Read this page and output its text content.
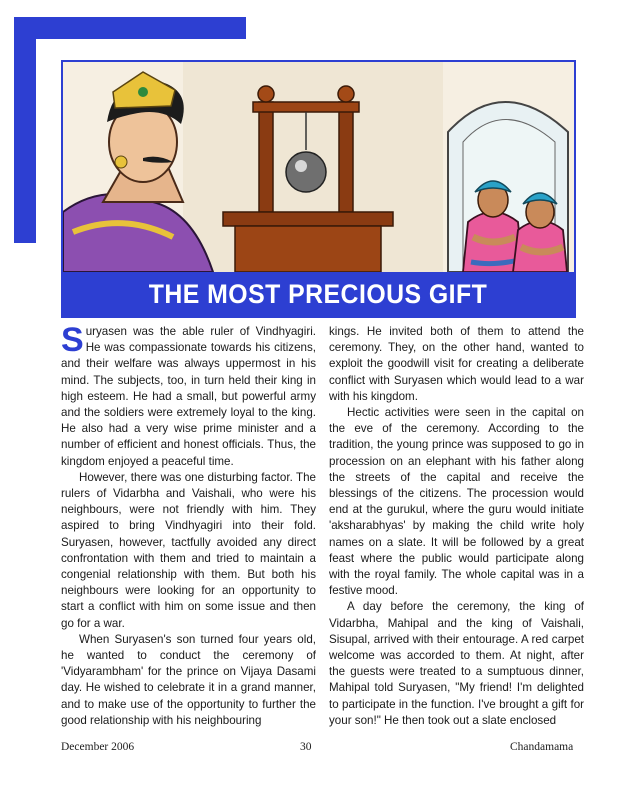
THE MOST PRECIOUS GIFT

Suryasen was the able ruler of Vindhyagiri. He was compassionate towards his citizens, and their welfare was always uppermost in his mind. The subjects, too, in turn held their king in high esteem. He had a small, but powerful army and the soldiers were extremely loyal to the king. He also had a very wise prime minister and a number of efficient and honest officials. Thus, the kingdom enjoyed a peaceful time.

However, there was one disturbing factor. The rulers of Vidarbha and Vaishali, who were his neighbours, were not friendly with him. They aspired to bring Vindhyagiri into their fold. Suryasen, however, tactfully avoided any direct confrontation with them and tried to maintain a congenial relationship with them. But both his neighbours were looking for an opportunity to start a conflict with him on some issue and then go for a war.

When Suryasen's son turned four years old, he wanted to conduct the ceremony of 'Vidyarambham' for the prince on Vijaya Dasami day. He wished to celebrate it in a grand manner, and to make use of the opportunity to further the good relationship with his neighbouring

kings. He invited both of them to attend the ceremony. They, on the other hand, wanted to exploit the goodwill visit for creating a deliberate conflict with Suryasen which would lead to a war with his kingdom.

Hectic activities were seen in the capital on the eve of the ceremony. According to the tradition, the young prince was supposed to go in procession on an elephant with his father along the streets of the capital and receive the blessings of the citizens. The procession would end at the gurukul, where the guru would initiate 'aksharabhyas' by making the child write holy names on a slate. It will be followed by a great feast where the public would participate along with the royal family. The whole capital was in a festive mood.

A day before the ceremony, the king of Vidarbha, Mahipal and the king of Vaishali, Sisupal, arrived with their entourage. A red carpet welcome was accorded to them. At night, after the guests were treated to a sumptuous dinner, Mahipal told Suryasen, "My friend! I'm delighted to participate in the function. I've brought a gift for your son!" He then took out a slate enclosed

December 2006	30	Chandamama
